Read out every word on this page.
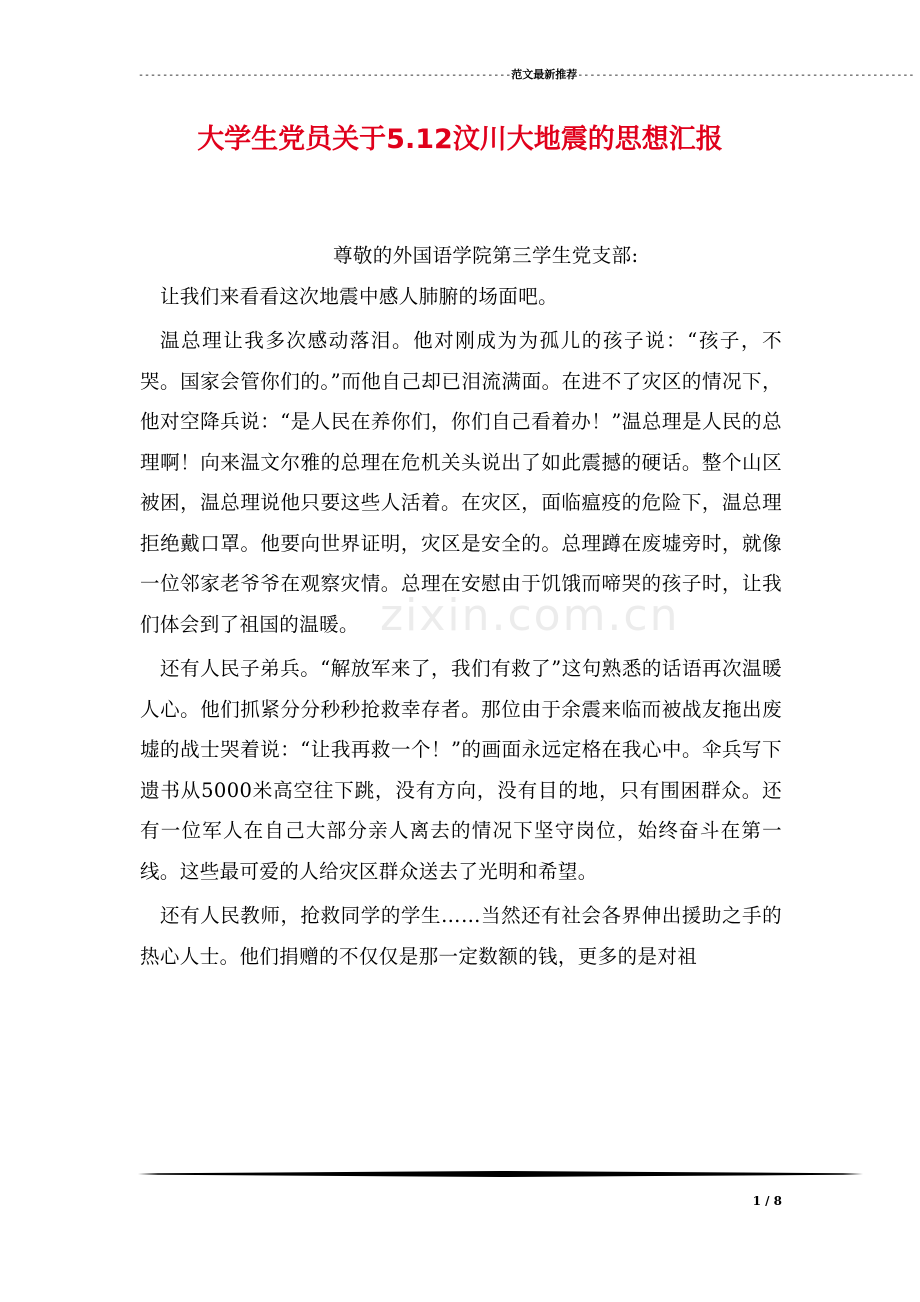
--------------------------------------------------------------范文最新推荐--------------------------------------------------------
大学生党员关于5.12汶川大地震的思想汇报
zixin.com.cn

尊敬的外国语学院第三学生党支部:

让我们来看看这次地震中感人肺腑的场面吧。

温总理让我多次感动落泪。他对刚成为为孤儿的孩子说：“孩子，不哭。国家会管你们的。”而他自己却已泪流满面。在进不了灾区的情况下，他对空降兵说：“是人民在养你们，你们自己看着办！”温总理是人民的总理啊！向来温文尔雅的总理在危机关头说出了如此震撼的硬话。整个山区被困，温总理说他只要这些人活着。在灾区，面临瘟疫的危险下，温总理拒绝戴口罩。他要向世界证明，灾区是安全的。总理蹲在废墟旁时，就像一位邻家老爷爷在观察灾情。总理在安慰由于饥饿而啼哭的孩子时，让我们体会到了祖国的温暖。

还有人民子弟兵。“解放军来了，我们有救了”这句熟悉的话语再次温暖人心。他们抓紧分分秒秒抢救幸存者。那位由于余震来临而被战友拖出废墟的战士哭着说：“让我再救一个！”的画面永远定格在我心中。伞兵写下遗书从5000米高空往下跳，没有方向，没有目的地，只有围困群众。还有一位军人在自己大部分亲人离去的情况下坚守岗位，始终奋斗在第一线。这些最可爱的人给灾区群众送去了光明和希望。

还有人民教师，抢救同学的学生……当然还有社会各界伸出援助之手的热心人士。他们捐赠的不仅仅是那一定数额的钱，更多的是对祖

1 / 8
